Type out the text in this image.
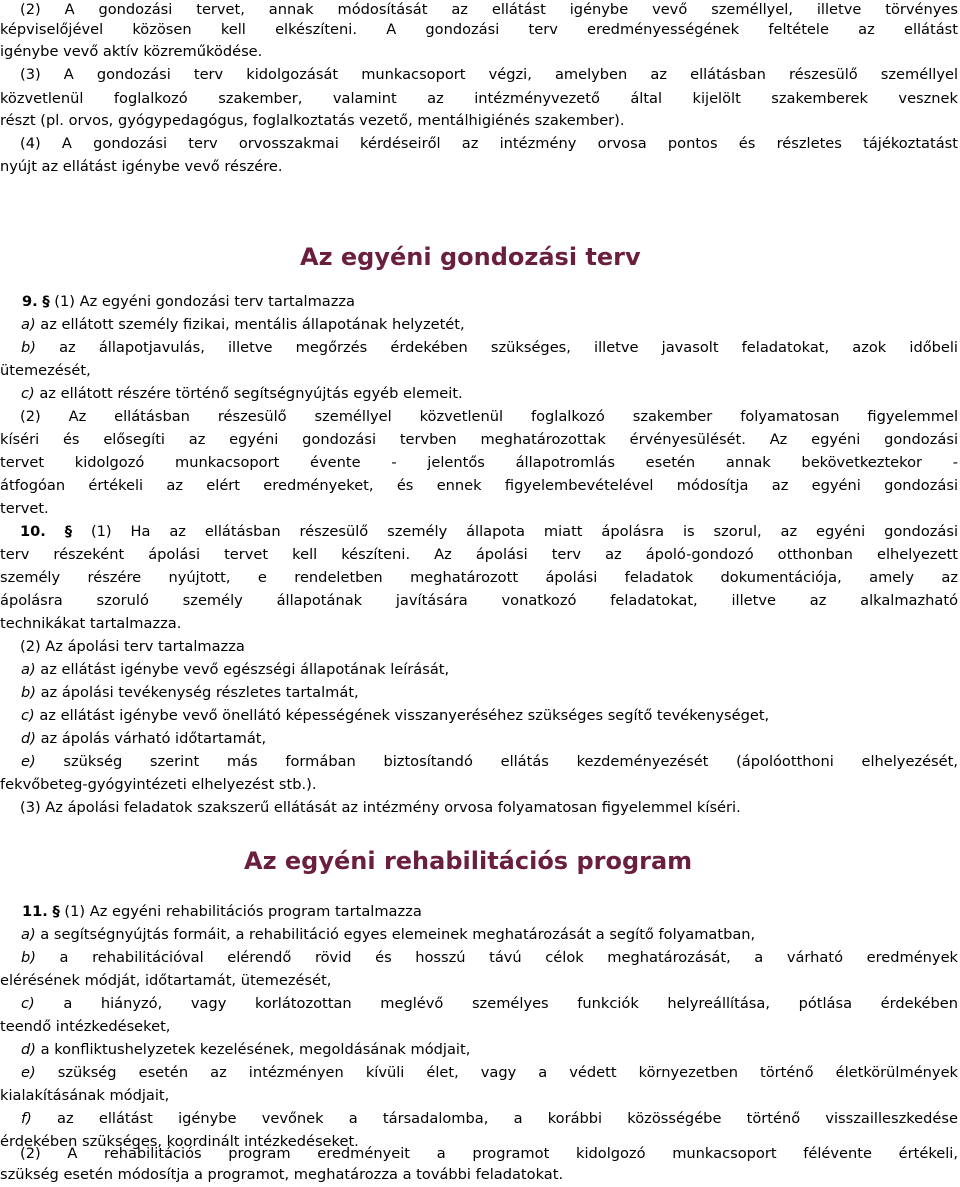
(2) A gondozási tervet, annak módosítását az ellátást igénybe vevő személlyel, illetve törvényes

képviselőjével közösen kell elkészíteni. A gondozási terv eredményességének feltétele az ellátást

igénybe vevő aktív közreműködése.

(3) A gondozási terv kidolgozását munkacsoport végzi, amelyben az ellátásban részesülő személlyel

közvetlenül foglalkozó szakember, valamint az intézményvezető által kijelölt szakemberek vesznek

részt (pl. orvos, gyógypedagógus, foglalkoztatás vezető, mentálhigiénés szakember).

(4) A gondozási terv orvosszakmai kérdéseiről az intézmény orvosa pontos és részletes tájékoztatást

nyújt az ellátást igénybe vevő részére.

Az egyéni gondozási terv

9. § (1) Az egyéni gondozási terv tartalmazza

a) az ellátott személy fizikai, mentális állapotának helyzetét,

b) az állapotjavulás, illetve megőrzés érdekében szükséges, illetve javasolt feladatokat, azok időbeli

ütemezését,

c) az ellátott részére történő segítségnyújtás egyéb elemeit.

(2) Az ellátásban részesülő személlyel közvetlenül foglalkozó szakember folyamatosan figyelemmel

kíséri és elősegíti az egyéni gondozási tervben meghatározottak érvényesülését. Az egyéni gondozási

tervet kidolgozó munkacsoport évente - jelentős állapotromlás esetén annak bekövetkeztekor -

átfogóan értékeli az elért eredményeket, és ennek figyelembevételével módosítja az egyéni gondozási

tervet.

10. § (1) Ha az ellátásban részesülő személy állapota miatt ápolásra is szorul, az egyéni gondozási

terv részeként ápolási tervet kell készíteni. Az ápolási terv az ápoló-gondozó otthonban elhelyezett

személy részére nyújtott, e rendeletben meghatározott ápolási feladatok dokumentációja, amely az

ápolásra szoruló személy állapotának javítására vonatkozó feladatokat, illetve az alkalmazható

technikákat tartalmazza.

(2) Az ápolási terv tartalmazza

a) az ellátást igénybe vevő egészségi állapotának leírását,

b) az ápolási tevékenység részletes tartalmát,

c) az ellátást igénybe vevő önellátó képességének visszanyeréséhez szükséges segítő tevékenységet,

d) az ápolás várható időtartamát,

e) szükség szerint más formában biztosítandó ellátás kezdeményezését (ápolóotthoni elhelyezését,

fekvőbeteg-gyógyintézeti elhelyezést stb.).

(3) Az ápolási feladatok szakszerű ellátását az intézmény orvosa folyamatosan figyelemmel kíséri.

Az egyéni rehabilitációs program

11. § (1) Az egyéni rehabilitációs program tartalmazza

a) a segítségnyújtás formáit, a rehabilitáció egyes elemeinek meghatározását a segítő folyamatban,

b) a rehabilitációval elérendő rövid és hosszú távú célok meghatározását, a várható eredmények

elérésének módját, időtartamát, ütemezését,

c) a hiányzó, vagy korlátozottan meglévő személyes funkciók helyreállítása, pótlása érdekében

teendő intézkedéseket,

d) a konfliktushelyzetek kezelésének, megoldásának módjait,

e) szükség esetén az intézményen kívüli élet, vagy a védett környezetben történő életkörülmények

kialakításának módjait,

f) az ellátást igénybe vevőnek a társadalomba, a korábbi közösségébe történő visszailleszkedése

érdekében szükséges, koordinált intézkedéseket.

(2) A rehabilitációs program eredményeit a programot kidolgozó munkacsoport félévente értékeli,

szükség esetén módosítja a programot, meghatározza a további feladatokat.
